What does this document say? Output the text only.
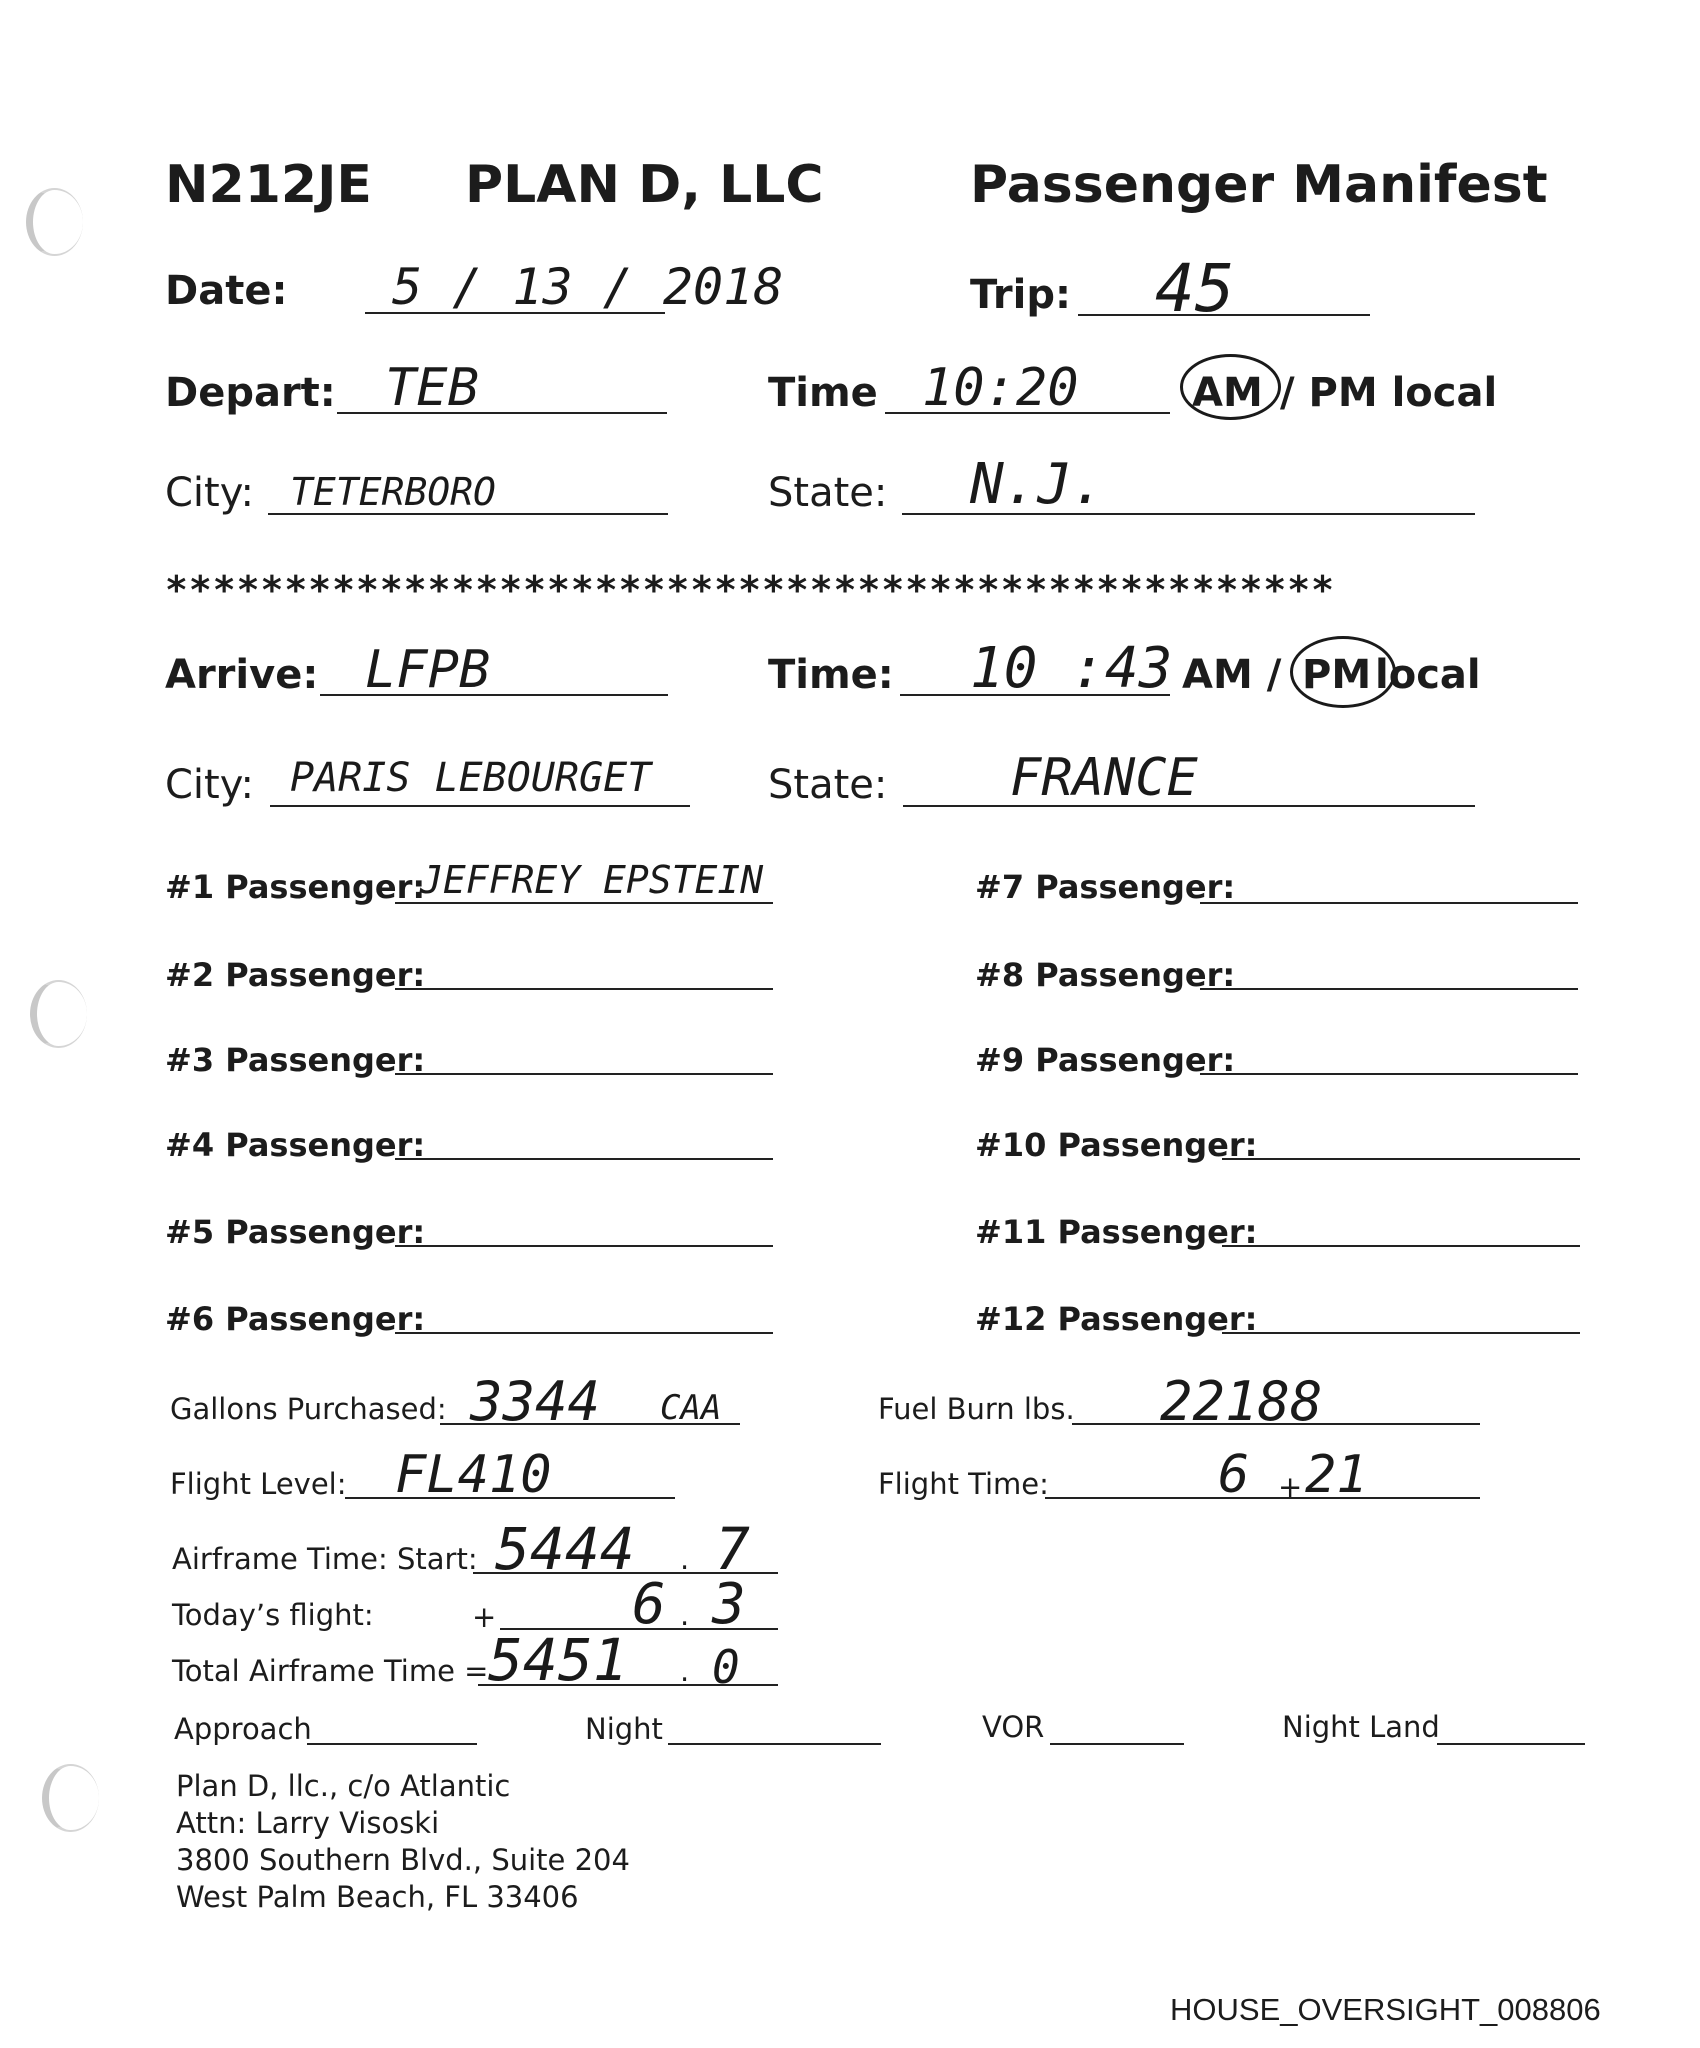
N212JE PLAN D, LLC	Passenger Manifest
Date: 5 / 13 / 2018	Trip: 45
Depart: TEB	Time 10:20	AM / PM local
City: TETERBORO	State: N.J.
*************************************************
Arrive: LFPB	Time: 10 :43 AM / PM local
City: PARIS LEBOURGET	State: FRANCE
#1 Passenger:
JEFFREY EPSTEIN
#2 Passenger:
#3 Passenger:
#4 Passenger:
#5 Passenger:
#6 Passenger:
#7 Passenger:
#8 Passenger:
#9 Passenger:
#10 Passenger:
#11 Passenger:
#12 Passenger:
Gallons Purchased: 3344 CAA	Fuel Burn lbs. 22188
Flight Level: FL410	Flight Time:	6 + 21
Airframe Time: Start: 5444 . 7
Today’s flight:	+ 6 . 3
Total Airframe Time = 5451 . 0
Approach	Night	VOR	Night Land
Plan D, llc., c/o Atlantic
Attn: Larry Visoski
3800 Southern Blvd., Suite 204
West Palm Beach, FL 33406
HOUSE_OVERSIGHT_008806
